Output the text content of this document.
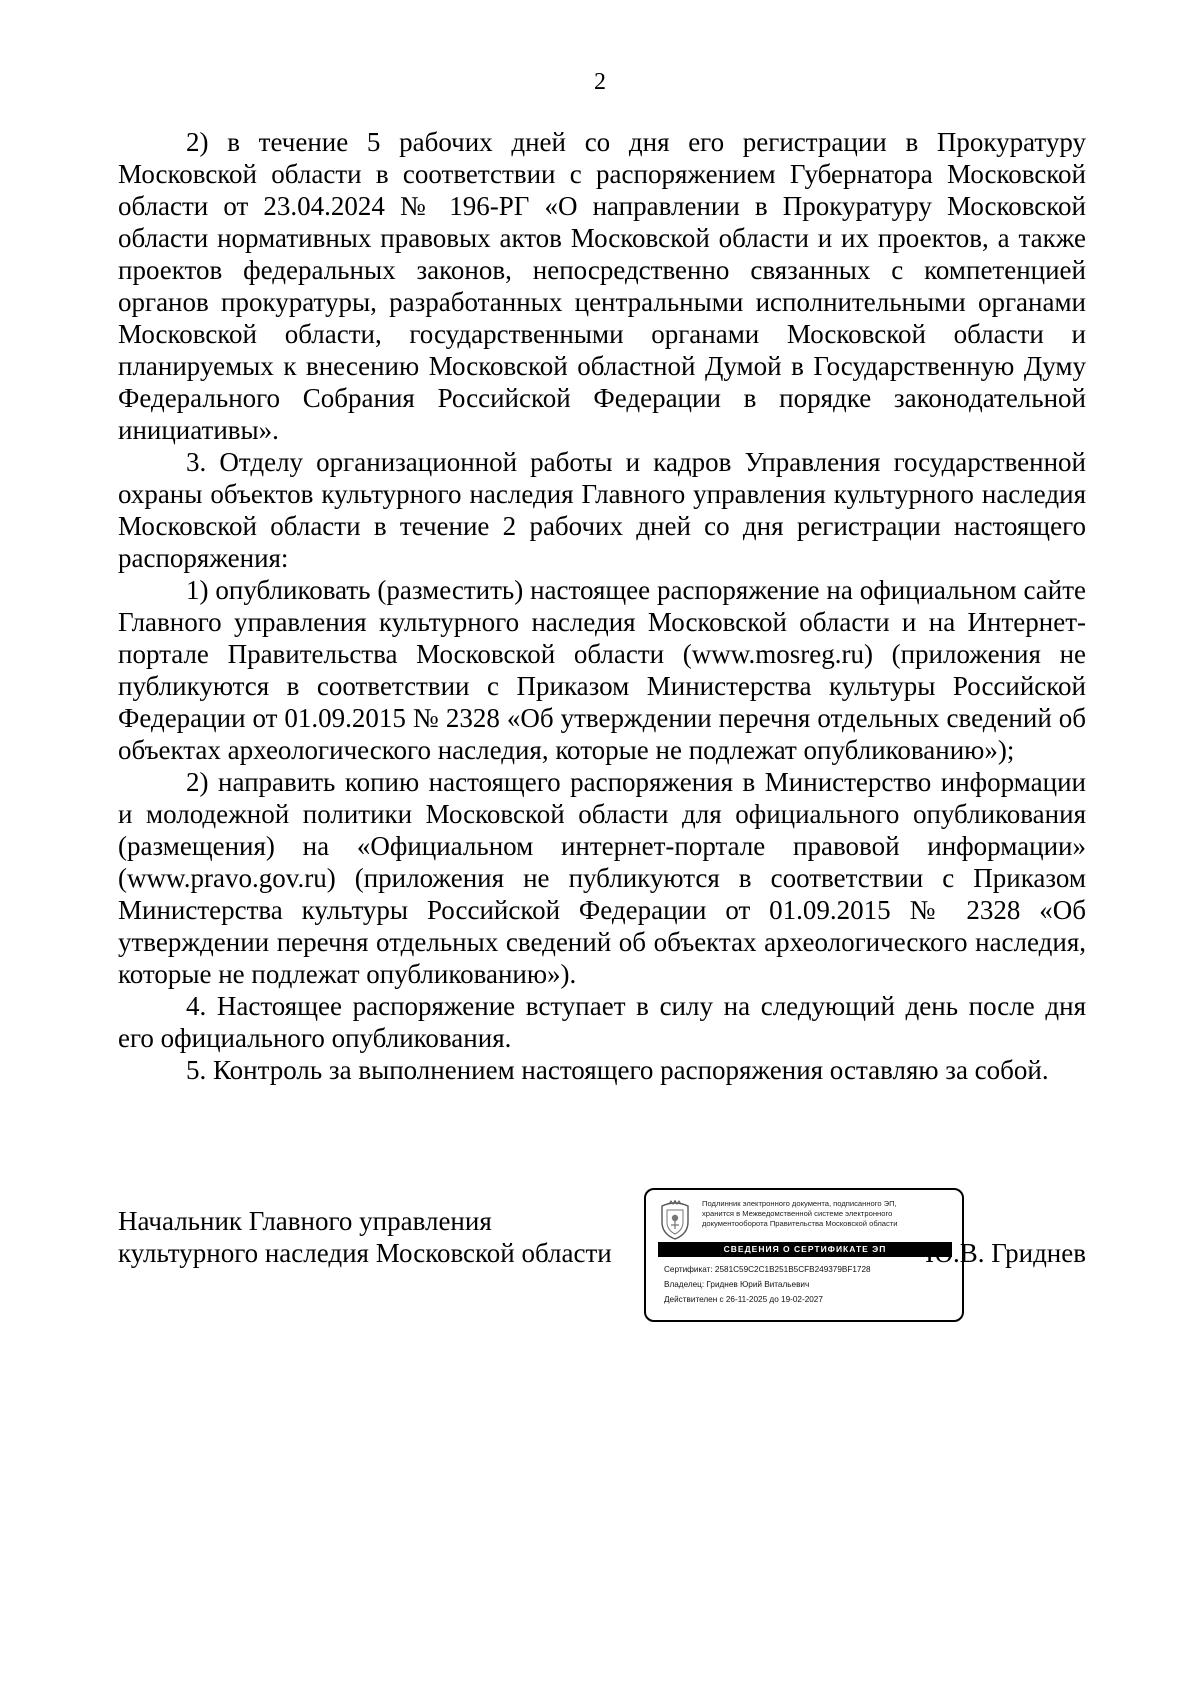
2

2) в течение 5 рабочих дней со дня его регистрации в Прокуратуру Московской области в соответствии с распоряжением Губернатора Московской области от 23.04.2024 № 196-РГ «О направлении в Прокуратуру Московской области нормативных правовых актов Московской области и их проектов, а также проектов федеральных законов, непосредственно связанных с компетенцией органов прокуратуры, разработанных центральными исполнительными органами Московской области, государственными органами Московской области и планируемых к внесению Московской областной Думой в Государственную Думу Федерального Собрания Российской Федерации в порядке законодательной инициативы».

3. Отделу организационной работы и кадров Управления государственной охраны объектов культурного наследия Главного управления культурного наследия Московской области в течение 2 рабочих дней со дня регистрации настоящего распоряжения:

1) опубликовать (разместить) настоящее распоряжение на официальном сайте Главного управления культурного наследия Московской области и на Интернет-портале Правительства Московской области (www.mosreg.ru) (приложения не публикуются в соответствии с Приказом Министерства культуры Российской Федерации от 01.09.2015 № 2328 «Об утверждении перечня отдельных сведений об объектах археологического наследия, которые не подлежат опубликованию»);

2) направить копию настоящего распоряжения в Министерство информации и молодежной политики Московской области для официального опубликования (размещения) на «Официальном интернет-портале правовой информации» (www.pravo.gov.ru) (приложения не публикуются в соответствии с Приказом Министерства культуры Российской Федерации от 01.09.2015 № 2328 «Об утверждении перечня отдельных сведений об объектах археологического наследия, которые не подлежат опубликованию»).

4. Настоящее распоряжение вступает в силу на следующий день после дня его официального опубликования.

5. Контроль за выполнением настоящего распоряжения оставляю за собой.

Начальник Главного управления
культурного наследия Московской области
Подлинник электронного документа, подписанного ЭП,
хранится в Межведомственной системе электронного
документооборота Правительства Московской области
СВЕДЕНИЯ О СЕРТИФИКАТЕ ЭП
Сертификат: 2581C59C2C1B251B5CFB249379BF1728
Владелец: Гриднев Юрий Витальевич
Действителен с 26-11-2025 до 19-02-2027
Ю.В. Гриднев
